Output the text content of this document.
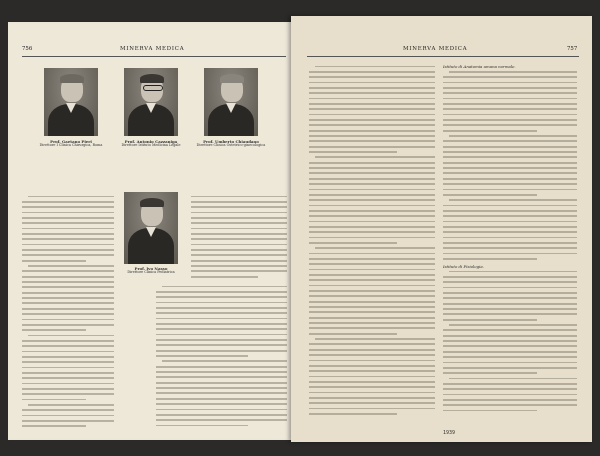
756	MINERVA MEDICA
Prof. Gaetano Pieri
Direttore I Clinica Chirurgica, Roma
Prof. Antonio Cazzaniga
Direttore Istituto Medicina Legale
Prof. Umberto Chiaudano
Direttore Clinica Ostetrico-ginecologica
Prof. Ivo Nasso
Direttore Clinica Pediatrica
MINERVA MEDICA	757
Istituto di Anatomia umana normale.
Istituto di Fisiologia.
1939
